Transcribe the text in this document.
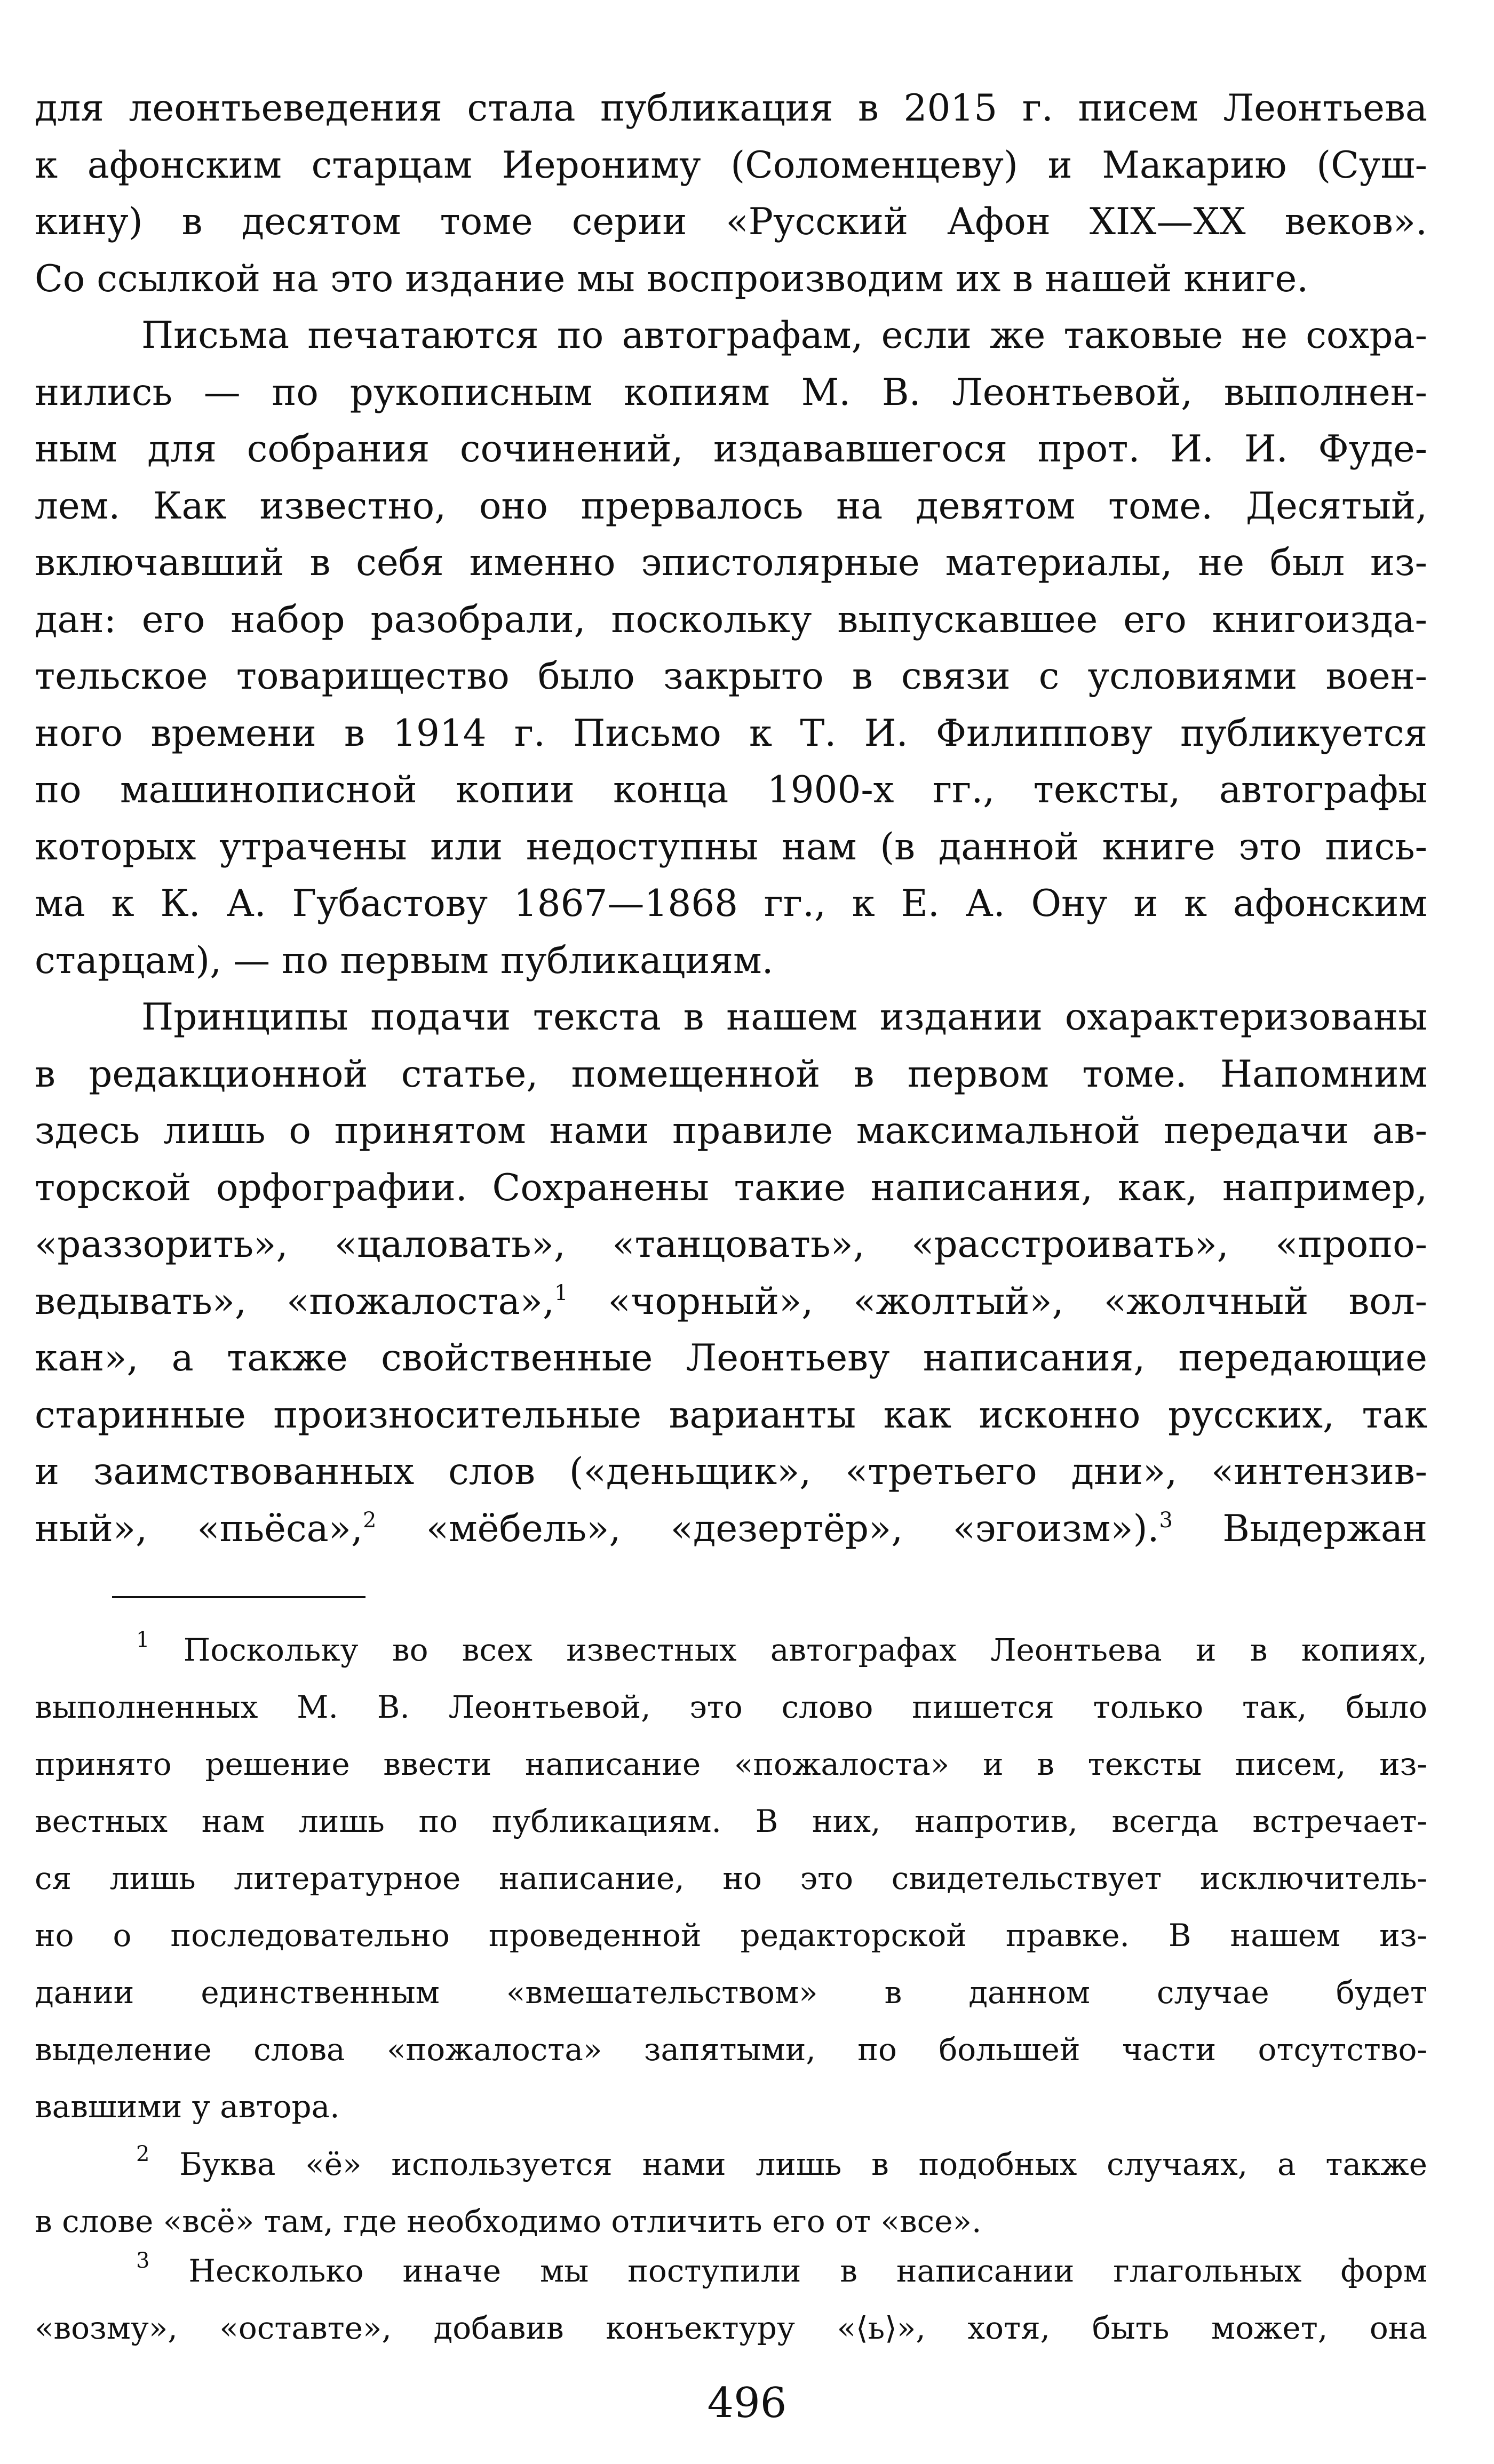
для леонтьеведения стала публикация в 2015 г. писем Леонтьева
к афонским старцам Иерониму (Соломенцеву) и Макарию (Суш-
кину) в десятом томе серии «Русский Афон XIX—XX веков».
Со ссылкой на это издание мы воспроизводим их в нашей книге.
Письма печатаются по автографам, если же таковые не сохра-
нились — по рукописным копиям М. В. Леонтьевой, выполнен-
ным для собрания сочинений, издававшегося прот. И. И. Фуде-
лем. Как известно, оно прервалось на девятом томе. Десятый,
включавший в себя именно эпистолярные материалы, не был из-
дан: его набор разобрали, поскольку выпускавшее его книгоизда-
тельское товарищество было закрыто в связи с условиями воен-
ного времени в 1914 г. Письмо к Т. И. Филиппову публикуется
по машинописной копии конца 1900-х гг., тексты, автографы
которых утрачены или недоступны нам (в данной книге это пись-
ма к К. А. Губастову 1867—1868 гг., к Е. А. Ону и к афонским
старцам), — по первым публикациям.
Принципы подачи текста в нашем издании охарактеризованы
в редакционной статье, помещенной в первом томе. Напомним
здесь лишь о принятом нами правиле максимальной передачи ав-
торской орфографии. Сохранены такие написания, как, например,
«раззорить», «цаловать», «танцовать», «расстроивать», «пропо-
ведывать», «пожалоста»,$^1$ «чорный», «жолтый», «жолчный вол-
кан», а также свойственные Леонтьеву написания, передающие
старинные произносительные варианты как исконно русских, так
и заимствованных слов («деньщик», «третьего дни», «интензив-
ный», «пьёса»,$^2$ «мёбель», «дезертёр», «эгоизм»).$^3$ Выдержан
$^1$ Поскольку во всех известных автографах Леонтьева и в копиях,
выполненных М. В. Леонтьевой, это слово пишется только так, было
принято решение ввести написание «пожалоста» и в тексты писем, из-
вестных нам лишь по публикациям. В них, напротив, всегда встречает-
ся лишь литературное написание, но это свидетельствует исключитель-
но о последовательно проведенной редакторской правке. В нашем из-
дании единственным «вмешательством» в данном случае будет
выделение слова «пожалоста» запятыми, по большей части отсутство-
вавшими у автора.
$^2$ Буква «ё» используется нами лишь в подобных случаях, а также
в слове «всё» там, где необходимо отличить его от «все».
$^3$ Несколько иначе мы поступили в написании глагольных форм
«возму», «оставте», добавив конъектуру «⟨ь⟩», хотя, быть может, она
496
